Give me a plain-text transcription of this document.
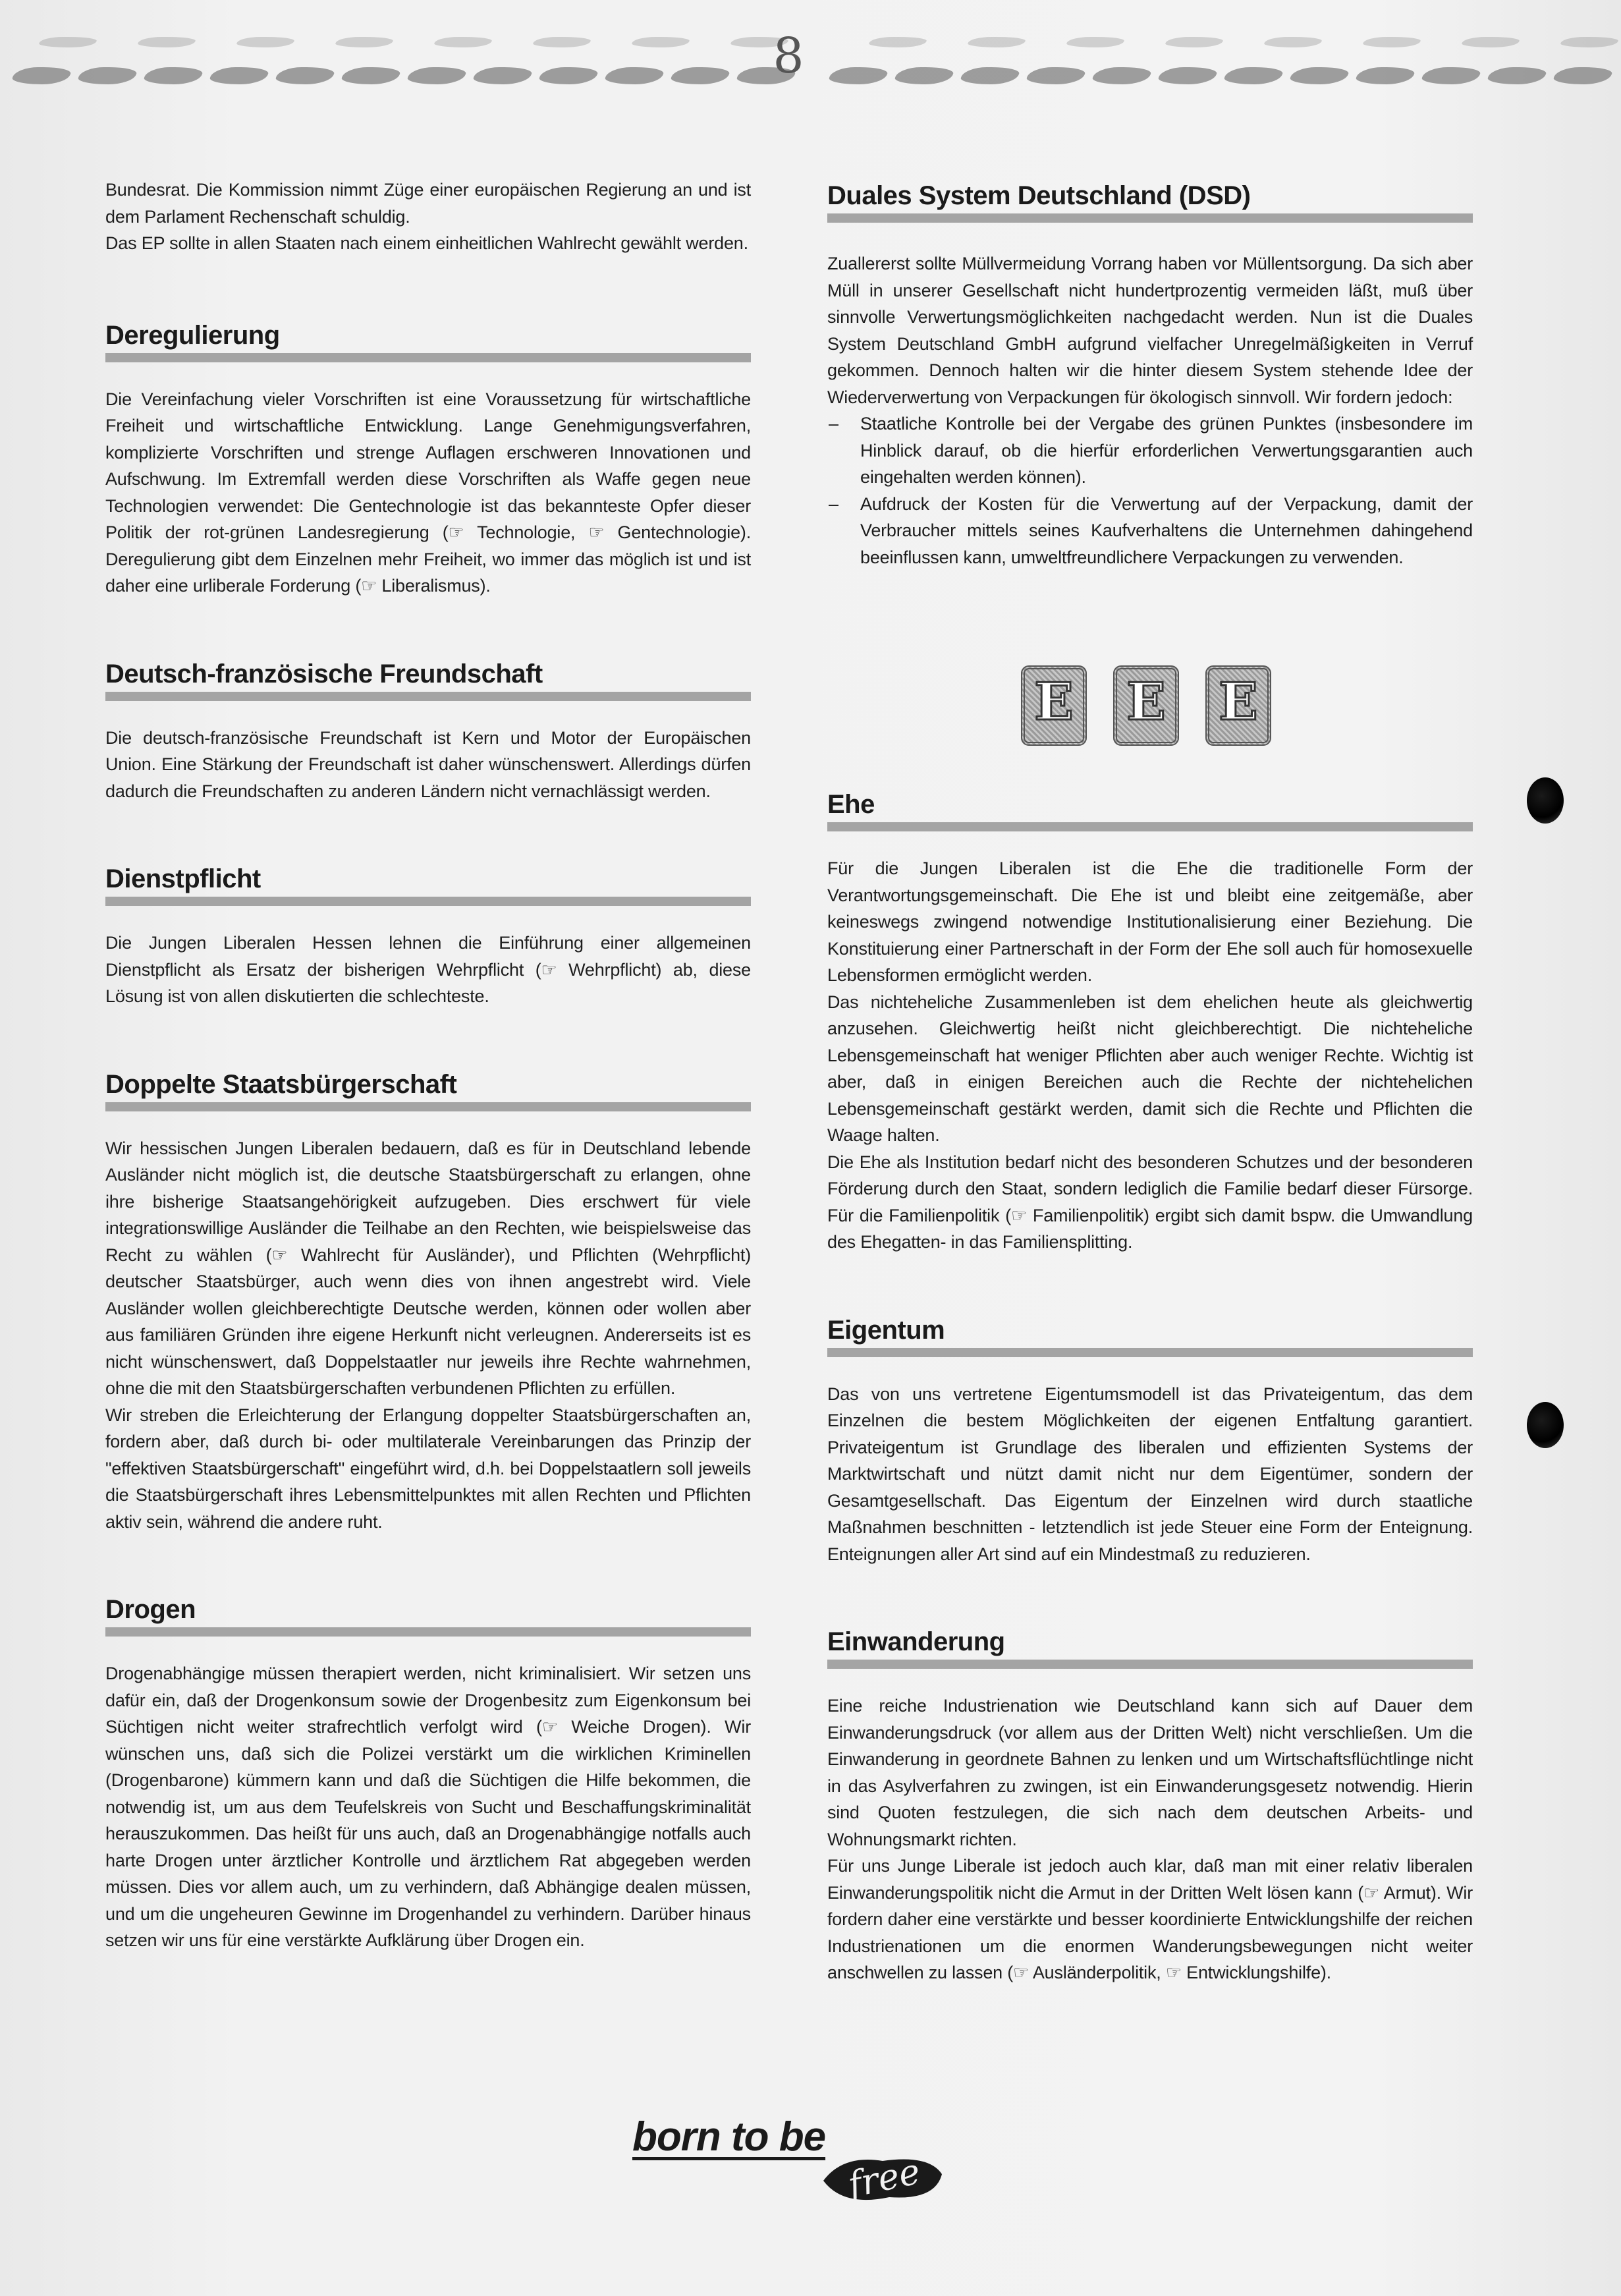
8

Bundesrat. Die Kommission nimmt Züge einer europäischen Regierung an und ist dem Parlament Rechenschaft schuldig.

Das EP sollte in allen Staaten nach einem einheitlichen Wahlrecht gewählt werden.

Deregulierung

Die Vereinfachung vieler Vorschriften ist eine Voraussetzung für wirtschaftliche Freiheit und wirtschaftliche Entwicklung. Lange Genehmigungsverfahren, komplizierte Vorschriften und strenge Auflagen erschweren Innovationen und Aufschwung. Im Extremfall werden diese Vorschriften als Waffe gegen neue Technologien verwendet: Die Gentechnologie ist das bekannteste Opfer dieser Politik der rot-grünen Landesregierung (☞ Technologie, ☞ Gentechnologie). Deregulierung gibt dem Einzelnen mehr Freiheit, wo immer das möglich ist und ist daher eine urliberale Forderung (☞ Liberalismus).

Deutsch-französische Freundschaft

Die deutsch-französische Freundschaft ist Kern und Motor der Europäischen Union. Eine Stärkung der Freundschaft ist daher wünschenswert. Allerdings dürfen dadurch die Freundschaften zu anderen Ländern nicht vernachlässigt werden.

Dienstpflicht

Die Jungen Liberalen Hessen lehnen die Einführung einer allgemeinen Dienstpflicht als Ersatz der bisherigen Wehrpflicht (☞ Wehrpflicht) ab, diese Lösung ist von allen diskutierten die schlechteste.

Doppelte Staatsbürgerschaft

Wir hessischen Jungen Liberalen bedauern, daß es für in Deutschland lebende Ausländer nicht möglich ist, die deutsche Staatsbürgerschaft zu erlangen, ohne ihre bisherige Staatsangehörigkeit aufzugeben. Dies erschwert für viele integrationswillige Ausländer die Teilhabe an den Rechten, wie beispielsweise das Recht zu wählen (☞ Wahlrecht für Ausländer), und Pflichten (Wehrpflicht) deutscher Staatsbürger, auch wenn dies von ihnen angestrebt wird. Viele Ausländer wollen gleichberechtigte Deutsche werden, können oder wollen aber aus familiären Gründen ihre eigene Herkunft nicht verleugnen. Andererseits ist es nicht wünschenswert, daß Doppelstaatler nur jeweils ihre Rechte wahrnehmen, ohne die mit den Staatsbürgerschaften verbundenen Pflichten zu erfüllen.

Wir streben die Erleichterung der Erlangung doppelter Staatsbürgerschaften an, fordern aber, daß durch bi- oder multilaterale Vereinbarungen das Prinzip der "effektiven Staatsbürgerschaft" eingeführt wird, d.h. bei Doppelstaatlern soll jeweils die Staatsbürgerschaft ihres Lebensmittelpunktes mit allen Rechten und Pflichten aktiv sein, während die andere ruht.

Drogen

Drogenabhängige müssen therapiert werden, nicht kriminalisiert. Wir setzen uns dafür ein, daß der Drogenkonsum sowie der Drogenbesitz zum Eigenkonsum bei Süchtigen nicht weiter strafrechtlich verfolgt wird (☞ Weiche Drogen). Wir wünschen uns, daß sich die Polizei verstärkt um die wirklichen Kriminellen (Drogenbarone) kümmern kann und daß die Süchtigen die Hilfe bekommen, die notwendig ist, um aus dem Teufelskreis von Sucht und Beschaffungskriminalität herauszukommen. Das heißt für uns auch, daß an Drogenabhängige notfalls auch harte Drogen unter ärztlicher Kontrolle und ärztlichem Rat abgegeben werden müssen. Dies vor allem auch, um zu verhindern, daß Abhängige dealen müssen, und um die ungeheuren Gewinne im Drogenhandel zu verhindern. Darüber hinaus setzen wir uns für eine verstärkte Aufklärung über Drogen ein.

Duales System Deutschland (DSD)

Zuallererst sollte Müllvermeidung Vorrang haben vor Müllentsorgung. Da sich aber Müll in unserer Gesellschaft nicht hundertprozentig vermeiden läßt, muß über sinnvolle Verwertungsmöglichkeiten nachgedacht werden. Nun ist die Duales System Deutschland GmbH aufgrund vielfacher Unregelmäßigkeiten in Verruf gekommen. Dennoch halten wir die hinter diesem System stehende Idee der Wiederverwertung von Verpackungen für ökologisch sinnvoll. Wir fordern jedoch:

– Staatliche Kontrolle bei der Vergabe des grünen Punktes (insbesondere im Hinblick darauf, ob die hierfür erforderlichen Verwertungsgarantien auch eingehalten werden können).
– Aufdruck der Kosten für die Verwertung auf der Verpackung, damit der Verbraucher mittels seines Kaufverhaltens die Unternehmen dahingehend beeinflussen kann, umweltfreundlichere Verpackungen zu verwenden.
Ehe

Für die Jungen Liberalen ist die Ehe die traditionelle Form der Verantwortungsgemeinschaft. Die Ehe ist und bleibt eine zeitgemäße, aber keineswegs zwingend notwendige Institutionalisierung einer Beziehung. Die Konstituierung einer Partnerschaft in der Form der Ehe soll auch für homosexuelle Lebensformen ermöglicht werden.

Das nichteheliche Zusammenleben ist dem ehelichen heute als gleichwertig anzusehen. Gleichwertig heißt nicht gleichberechtigt. Die nichteheliche Lebensgemeinschaft hat weniger Pflichten aber auch weniger Rechte. Wichtig ist aber, daß in einigen Bereichen auch die Rechte der nichtehelichen Lebensgemeinschaft gestärkt werden, damit sich die Rechte und Pflichten die Waage halten.

Die Ehe als Institution bedarf nicht des besonderen Schutzes und der besonderen Förderung durch den Staat, sondern lediglich die Familie bedarf dieser Fürsorge. Für die Familienpolitik (☞ Familienpolitik) ergibt sich damit bspw. die Umwandlung des Ehegatten- in das Familiensplitting.

Eigentum

Das von uns vertretene Eigentumsmodell ist das Privateigentum, das dem Einzelnen die bestem Möglichkeiten der eigenen Entfaltung garantiert. Privateigentum ist Grundlage des liberalen und effizienten Systems der Marktwirtschaft und nützt damit nicht nur dem Eigentümer, sondern der Gesamtgesellschaft. Das Eigentum der Einzelnen wird durch staatliche Maßnahmen beschnitten - letztendlich ist jede Steuer eine Form der Enteignung. Enteignungen aller Art sind auf ein Mindestmaß zu reduzieren.

Einwanderung

Eine reiche Industrienation wie Deutschland kann sich auf Dauer dem Einwanderungsdruck (vor allem aus der Dritten Welt) nicht verschließen. Um die Einwanderung in geordnete Bahnen zu lenken und um Wirtschaftsflüchtlinge nicht in das Asylverfahren zu zwingen, ist ein Einwanderungsgesetz notwendig. Hierin sind Quoten festzulegen, die sich nach dem deutschen Arbeits- und Wohnungsmarkt richten.

Für uns Junge Liberale ist jedoch auch klar, daß man mit einer relativ liberalen Einwanderungspolitik nicht die Armut in der Dritten Welt lösen kann (☞ Armut). Wir fordern daher eine verstärkte und besser koordinierte Entwicklungshilfe der reichen Industrienationen um die enormen Wanderungsbewegungen nicht weiter anschwellen zu lassen (☞ Ausländerpolitik, ☞ Entwicklungshilfe).

E E E
born to be
free
